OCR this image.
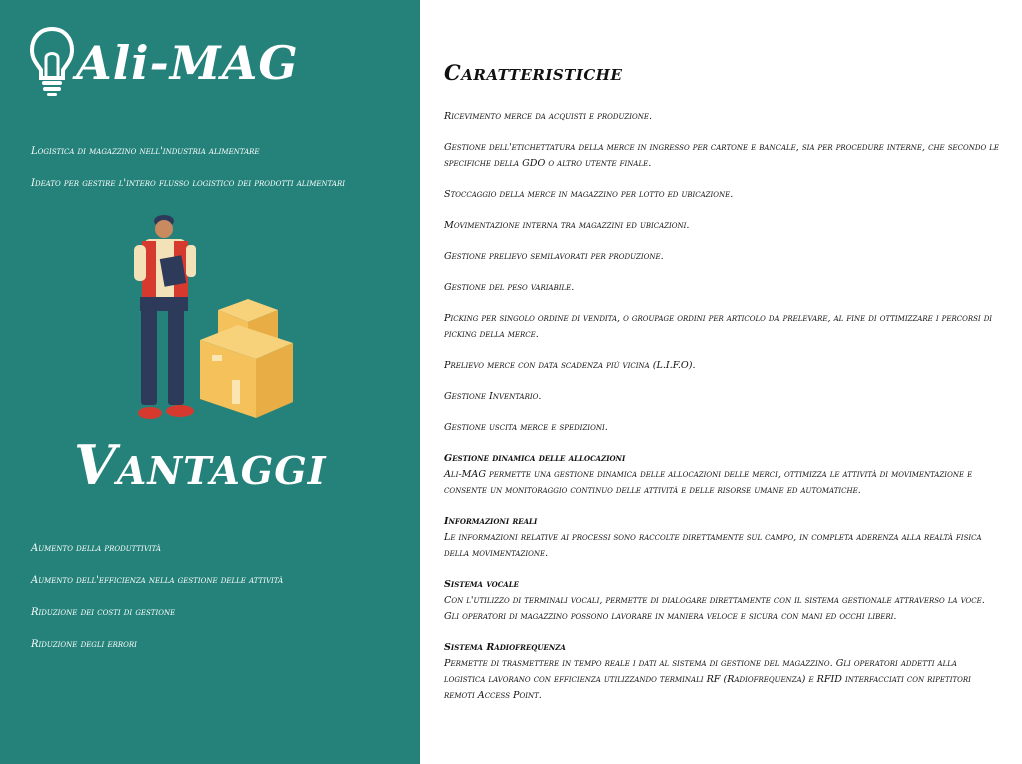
Ali-MAG
Logistica di magazzino nell'industria alimentare
Ideato per gestire l'intero flusso logistico dei prodotti alimentari
Vantaggi
Aumento della produttività
Aumento dell'efficienza nella gestione delle attività
Riduzione dei costi di gestione
Riduzione degli errori
Caratteristiche
Ricevimento merce da acquisti e produzione.
Gestione dell'etichettatura della merce in ingresso per cartone e bancale, sia per procedure interne, che secondo le specifiche della GDO o altro utente finale.
Stoccaggio della merce in magazzino per lotto ed ubicazione.
Movimentazione interna tra magazzini ed ubicazioni.
Gestione prelievo semilavorati per produzione.
Gestione del peso variabile.
Picking per singolo ordine di vendita, o groupage ordini per articolo da prelevare, al fine di ottimizzare i percorsi di picking della merce.
Prelievo merce con data scadenza più vicina (L.I.F.O).
Gestione Inventario.
Gestione uscita merce e spedizioni.
Gestione dinamica delle allocazioni
Ali-MAG permette una gestione dinamica delle allocazioni delle merci, ottimizza le attività di movimentazione e consente un monitoraggio continuo delle attività e delle risorse umane ed automatiche.
Informazioni reali
Le informazioni relative ai processi sono raccolte direttamente sul campo, in completa aderenza alla realtà fisica della movimentazione.
Sistema vocale
Con l'utilizzo di terminali vocali, permette di dialogare direttamente con il sistema gestionale attraverso la voce. Gli operatori di magazzino possono lavorare in maniera veloce e sicura con mani ed occhi liberi.
Sistema Radiofrequenza
Permette di trasmettere in tempo reale i dati al sistema di gestione del magazzino. Gli operatori addetti alla logistica lavorano con efficienza utilizzando terminali RF (Radiofrequenza) e RFID interfacciati con ripetitori remoti Access Point.
